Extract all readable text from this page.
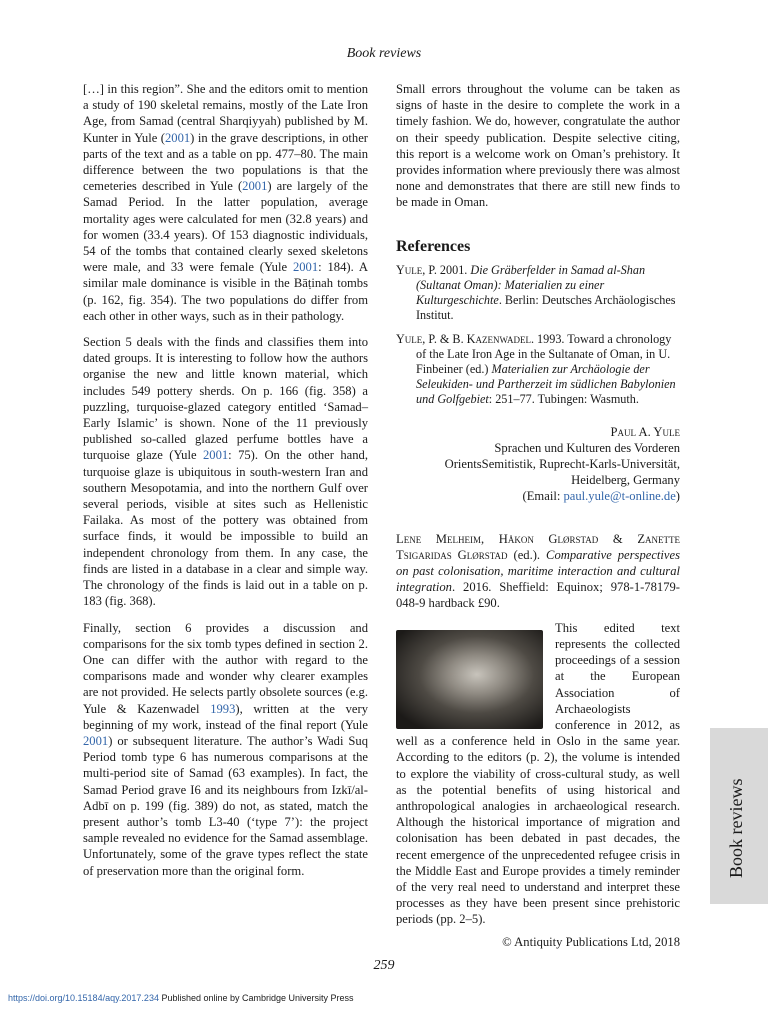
Book reviews

[…] in this region”. She and the editors omit to mention a study of 190 skeletal remains, mostly of the Late Iron Age, from Samad (central Sharqiyyah) published by M. Kunter in Yule (2001) in the grave descriptions, in other parts of the text and as a table on pp. 477–80. The main difference between the two populations is that the cemeteries described in Yule (2001) are largely of the Samad Period. In the latter population, average mortality ages were calculated for men (32.8 years) and for women (33.4 years). Of 153 diagnostic individuals, 54 of the tombs that contained clearly sexed skeletons were male, and 33 were female (Yule 2001: 184). A similar male dominance is visible in the Bāṭinah tombs (p. 162, fig. 354). The two populations do differ from each other in other ways, such as in their pathology.

Section 5 deals with the finds and classifies them into dated groups. It is interesting to follow how the authors organise the new and little known material, which includes 549 pottery sherds. On p. 166 (fig. 358) a puzzling, turquoise-glazed category entitled ‘Samad–Early Islamic’ is shown. None of the 11 previously published so-called glazed perfume bottles have a turquoise glaze (Yule 2001: 75). On the other hand, turquoise glaze is ubiquitous in south-western Iran and southern Mesopotamia, and into the northern Gulf over several periods, visible at sites such as Hellenistic Failaka. As most of the pottery was obtained from surface finds, it would be impossible to build an independent chronology from them. In any case, the finds are listed in a database in a clear and simple way. The chronology of the finds is laid out in a table on p. 183 (fig. 368).

Finally, section 6 provides a discussion and comparisons for the six tomb types defined in section 2. One can differ with the author with regard to the comparisons made and wonder why clearer examples are not provided. He selects partly obsolete sources (e.g. Yule & Kazenwadel 1993), written at the very beginning of my work, instead of the final report (Yule 2001) or subsequent literature. The author’s Wadi Suq Period tomb type 6 has numerous comparisons at the multi-period site of Samad (63 examples). In fact, the Samad Period grave I6 and its neighbours from Izkī/al-Adbī on p. 199 (fig. 389) do not, as stated, match the present author’s tomb L3-40 (‘type 7’): the project sample revealed no evidence for the Samad assemblage. Unfortunately, some of the grave types reflect the state of preservation more than the original form.

Small errors throughout the volume can be taken as signs of haste in the desire to complete the work in a timely fashion. We do, however, congratulate the author on their speedy publication. Despite selective citing, this report is a welcome work on Oman’s prehistory. It provides information where previously there was almost none and demonstrates that there are still new finds to be made in Oman.

References
Yule, P. 2001. Die Gräberfelder in Samad al-Shan (Sultanat Oman): Materialien zu einer Kulturgeschichte. Berlin: Deutsches Archäologisches Institut.
Yule, P. & B. Kazenwadel. 1993. Toward a chronology of the Late Iron Age in the Sultanate of Oman, in U. Finbeiner (ed.) Materialien zur Archäologie der Seleukiden- und Partherzeit im südlichen Babylonien und Golfgebiet: 251–77. Tubingen: Wasmuth.
Paul A. Yule
Sprachen und Kulturen des Vorderen
OrientsSemitistik, Ruprecht-Karls-Universität,
Heidelberg, Germany
(Email: paul.yule@t-online.de)
Lene Melheim, Håkon Glørstad & Zanette Tsigaridas Glørstad (ed.). Comparative perspectives on past colonisation, maritime interaction and cultural integration. 2016. Sheffield: Equinox; 978-1-78179-048-9 hardback £90.

This edited text represents the collected proceedings of a session at the European Association of Archaeologists conference in 2012, as well as a conference held in Oslo in the same year. According to the editors (p. 2), the volume is intended to explore the viability of cross-cultural study, as well as the potential benefits of using historical and anthropological analogies in archaeological research. Although the historical importance of migration and colonisation has been debated in past decades, the recent emergence of the unprecedented refugee crisis in the Middle East and Europe provides a timely reminder of the very real need to understand and interpret these processes as they have been present since prehistoric periods (pp. 2–5).

© Antiquity Publications Ltd, 2018
259
https://doi.org/10.15184/aqy.2017.234 Published online by Cambridge University Press
Book reviews
